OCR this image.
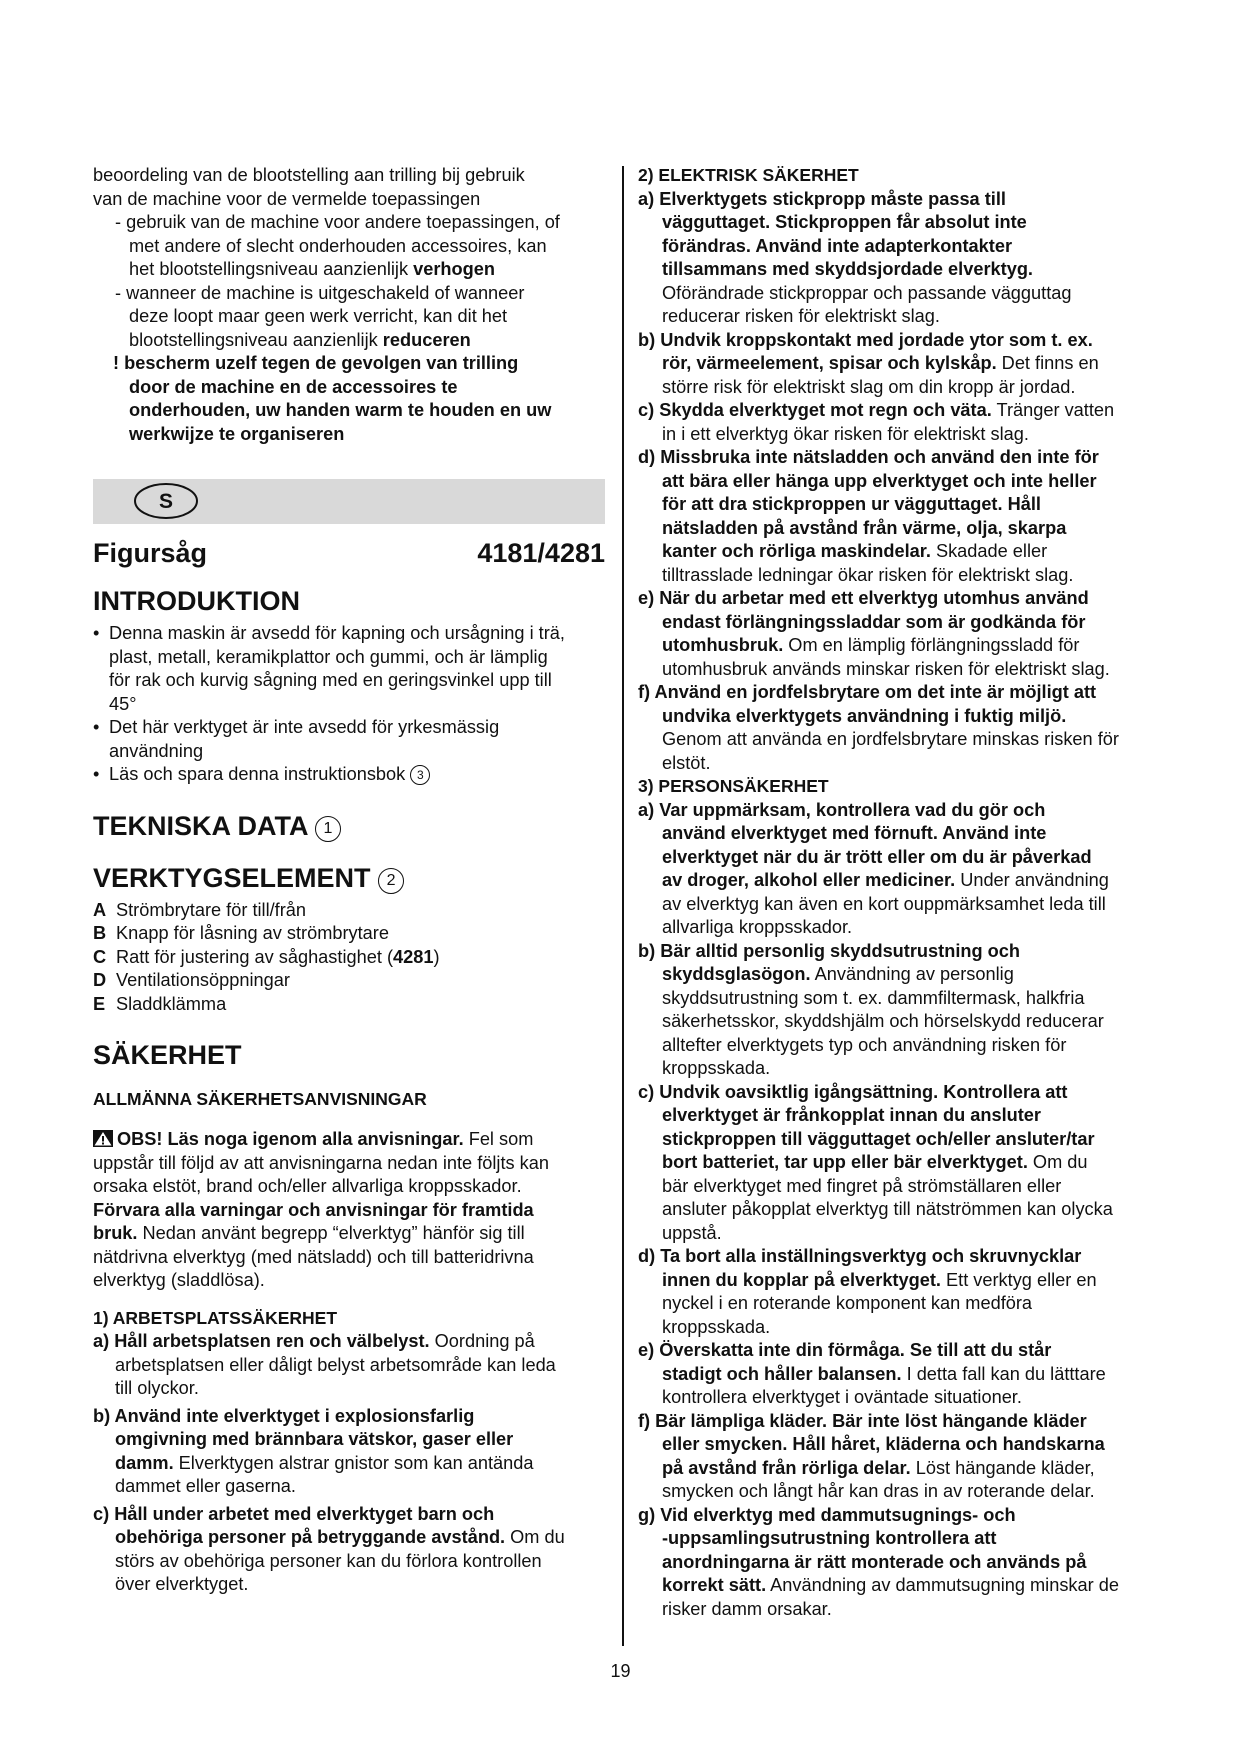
beoordeling van de blootstelling aan trilling bij gebruik
van de machine voor de vermelde toepassingen

- gebruik van de machine voor andere toepassingen, of
met andere of slecht onderhouden accessoires, kan
het blootstellingsniveau aanzienlijk verhogen

- wanneer de machine is uitgeschakeld of wanneer
deze loopt maar geen werk verricht, kan dit het
blootstellingsniveau aanzienlijk reduceren

! bescherm uzelf tegen de gevolgen van trilling
door de machine en de accessoires te
onderhouden, uw handen warm te houden en uw
werkwijze te organiseren

S
Figursåg	4181/4281
INTRODUKTION
• Denna maskin är avsedd för kapning och ursågning i trä,
plast, metall, keramikplattor och gummi, och är lämplig
för rak och kurvig sågning med en geringsvinkel upp till
45°
• Det här verktyget är inte avsedd för yrkesmässig
användning
• Läs och spara denna instruktionsbok 3
TEKNISKA DATA 1
VERKTYGSELEMENT 2
A Strömbrytare för till/från
B Knapp för låsning av strömbrytare
C Ratt för justering av såghastighet (4281)
D Ventilationsöppningar
E Sladdklämma
SÄKERHET
ALLMÄNNA SÄKERHETSANVISNINGAR

OBS! Läs noga igenom alla anvisningar. Fel som
uppstår till följd av att anvisningarna nedan inte följts kan
orsaka elstöt, brand och/eller allvarliga kroppsskador.
Förvara alla varningar och anvisningar för framtida
bruk. Nedan använt begrepp “elverktyg” hänför sig till
nätdrivna elverktyg (med nätsladd) och till batteridrivna
elverktyg (sladdlösa).

1) ARBETSPLATSSÄKERHET

a) Håll arbetsplatsen ren och välbelyst. Oordning på
arbetsplatsen eller dåligt belyst arbetsområde kan leda
till olyckor.

b) Använd inte elverktyget i explosionsfarlig
omgivning med brännbara vätskor, gaser eller
damm. Elverktygen alstrar gnistor som kan antända
dammet eller gaserna.

c) Håll under arbetet med elverktyget barn och
obehöriga personer på betryggande avstånd. Om du
störs av obehöriga personer kan du förlora kontrollen
över elverktyget.

2) ELEKTRISK SÄKERHET

a) Elverktygets stickpropp måste passa till
vägguttaget. Stickproppen får absolut inte
förändras. Använd inte adapterkontakter
tillsammans med skyddsjordade elverktyg.
Oförändrade stickproppar och passande vägguttag
reducerar risken för elektriskt slag.

b) Undvik kroppskontakt med jordade ytor som t. ex.
rör, värmeelement, spisar och kylskåp. Det finns en
större risk för elektriskt slag om din kropp är jordad.

c) Skydda elverktyget mot regn och väta. Tränger vatten
in i ett elverktyg ökar risken för elektriskt slag.

d) Missbruka inte nätsladden och använd den inte för
att bära eller hänga upp elverktyget och inte heller
för att dra stickproppen ur vägguttaget. Håll
nätsladden på avstånd från värme, olja, skarpa
kanter och rörliga maskindelar. Skadade eller
tilltrasslade ledningar ökar risken för elektriskt slag.

e) När du arbetar med ett elverktyg utomhus använd
endast förlängningssladdar som är godkända för
utomhusbruk. Om en lämplig förlängningssladd för
utomhusbruk används minskar risken för elektriskt slag.

f) Använd en jordfelsbrytare om det inte är möjligt att
undvika elverktygets användning i fuktig miljö.
Genom att använda en jordfelsbrytare minskas risken för
elstöt.

3) PERSONSÄKERHET

a) Var uppmärksam, kontrollera vad du gör och
använd elverktyget med förnuft. Använd inte
elverktyget när du är trött eller om du är påverkad
av droger, alkohol eller mediciner. Under användning
av elverktyg kan även en kort ouppmärksamhet leda till
allvarliga kroppsskador.

b) Bär alltid personlig skyddsutrustning och
skyddsglasögon. Användning av personlig
skyddsutrustning som t. ex. dammfiltermask, halkfria
säkerhetsskor, skyddshjälm och hörselskydd reducerar
alltefter elverktygets typ och användning risken för
kroppsskada.

c) Undvik oavsiktlig igångsättning. Kontrollera att
elverktyget är frånkopplat innan du ansluter
stickproppen till vägguttaget och/eller ansluter/tar
bort batteriet, tar upp eller bär elverktyget. Om du
bär elverktyget med fingret på strömställaren eller
ansluter påkopplat elverktyg till nätströmmen kan olycka
uppstå.

d) Ta bort alla inställningsverktyg och skruvnycklar
innen du kopplar på elverktyget. Ett verktyg eller en
nyckel i en roterande komponent kan medföra
kroppsskada.

e) Överskatta inte din förmåga. Se till att du står
stadigt och håller balansen. I detta fall kan du lätttare
kontrollera elverktyget i oväntade situationer.

f) Bär lämpliga kläder. Bär inte löst hängande kläder
eller smycken. Håll håret, kläderna och handskarna
på avstånd från rörliga delar. Löst hängande kläder,
smycken och långt hår kan dras in av roterande delar.

g) Vid elverktyg med dammutsugnings- och
-uppsamlingsutrustning kontrollera att
anordningarna är rätt monterade och används på
korrekt sätt. Användning av dammutsugning minskar de
risker damm orsakar.

19
